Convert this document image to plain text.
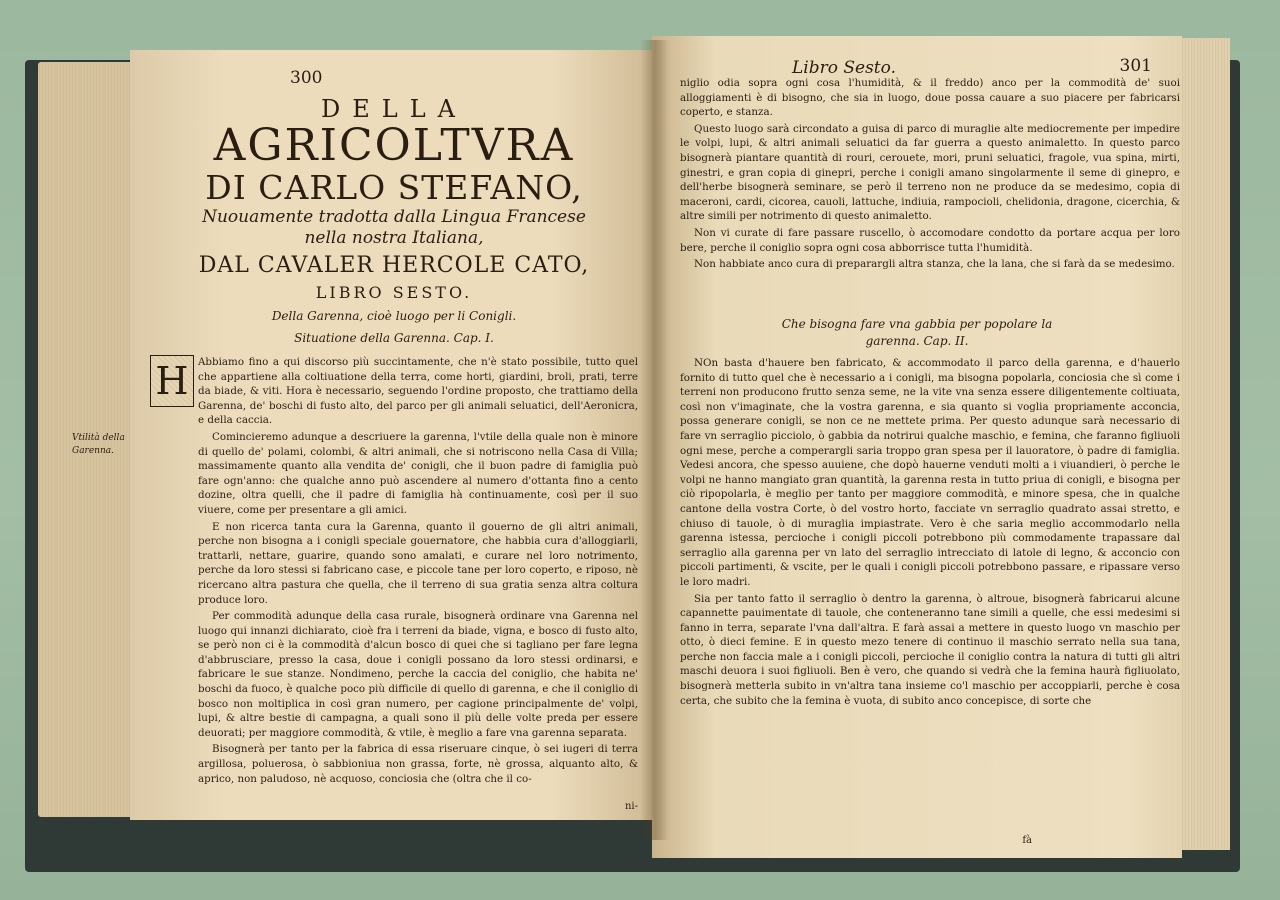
300
DELLA
AGRICOLTVRA
DI CARLO STEFANO,
Nuouamente tradotta dalla Lingua Francese
nella nostra Italiana,
DAL CAVALER HERCOLE CATO,
LIBRO SESTO.
Della Garenna, cioè luogo per li Conigli.
Situatione della Garenna. Cap. I.
H Abbiamo fino a qui discorso più succintamente, che n'è stato possibile, tutto quel che appartiene alla coltiuatione della terra, come horti, giardini, broli, prati, terre da biade, & viti. Hora è necessario, seguendo l'ordine proposto, che trattiamo della Garenna, de' boschi di fusto alto, del parco per gli animali seluatici, dell'Aeronicra, e della caccia.

Comincieremo adunque a descriuere la garenna, l'vtile della quale non è minore di quello de' polami, colombi, & altri animali, che si notriscono nella Casa di Villa; massimamente quanto alla vendita de' conigli, che il buon padre di famiglia può fare ogn'anno: che qualche anno può ascendere al numero d'ottanta fino a cento dozine, oltra quelli, che il padre di famiglia hà continuamente, così per il suo viuere, come per presentare a gli amici.

E non ricerca tanta cura la Garenna, quanto il gouerno de gli altri animali, perche non bisogna a i conigli speciale gouernatore, che habbia cura d'alloggiarli, trattarli, nettare, guarire, quando sono amalati, e curare nel loro notrimento, perche da loro stessi si fabricano case, e piccole tane per loro coperto, e riposo, nè ricercano altra pastura che quella, che il terreno di sua gratia senza altra coltura produce loro.

Per commodità adunque della casa rurale, bisognerà ordinare vna Garenna nel luogo qui innanzi dichiarato, cioè fra i terreni da biade, vigna, e bosco di fusto alto, se però non ci è la commodità d'alcun bosco di quei che si tagliano per fare legna d'abbrusciare, presso la casa, doue i conigli possano da loro stessi ordinarsi, e fabricare le sue stanze. Nondimeno, perche la caccia del coniglio, che habita ne' boschi da fuoco, è qualche poco più difficile di quello di garenna, e che il coniglio di bosco non moltiplica in così gran numero, per cagione principalmente de' volpi, lupi, & altre bestie di campagna, a quali sono il più delle volte preda per essere deuorati; per maggiore commodità, & vtile, è meglio a fare vna garenna separata.

Bisognerà per tanto per la fabrica di essa riseruare cinque, ò sei iugeri di terra argillosa, poluerosa, ò sabbioniua non grassa, forte, nè grossa, alquanto alto, & aprico, non paludoso, nè acquoso, conciosia che (oltra che il co-

ni-
Vtilità della Garenna.
Libro Sesto.	301

niglio odia sopra ogni cosa l'humidità, & il freddo) anco per la commodità de' suoi alloggiamenti è di bisogno, che sia in luogo, doue possa cauare a suo piacere per fabricarsi coperto, e stanza.

Questo luogo sarà circondato a guisa di parco di muraglie alte mediocremente per impedire le volpi, lupi, & altri animali seluatici da far guerra a questo animaletto. In questo parco bisognerà piantare quantità di rouri, cerouete, mori, pruni seluatici, fragole, vua spina, mirti, ginestri, e gran copia di ginepri, perche i conigli amano singolarmente il seme di ginepro, e dell'herbe bisognerà seminare, se però il terreno non ne produce da se medesimo, copia di maceroni, cardi, cicorea, cauoli, lattuche, indiuia, rampocioli, chelidonia, dragone, cicerchia, & altre simili per notrimento di questo animaletto.

Non vi curate di fare passare ruscello, ò accomodare condotto da portare acqua per loro bere, perche il coniglio sopra ogni cosa abborrisce tutta l'humidità.

Non habbiate anco cura di preparargli altra stanza, che la lana, che si farà da se medesimo.

Che bisogna fare vna gabbia per popolare la
garenna. Cap. II.

NOn basta d'hauere ben fabricato, & accommodato il parco della garenna, e d'hauerlo fornito di tutto quel che è necessario a i conigli, ma bisogna popolarla, conciosia che sì come i terreni non producono frutto senza seme, ne la vite vna senza essere diligentemente coltiuata, così non v'imaginate, che la vostra garenna, e sia quanto si voglia propriamente acconcia, possa generare conigli, se non ce ne mettete prima. Per questo adunque sarà necessario di fare vn serraglio picciolo, ò gabbia da notrirui qualche maschio, e femina, che faranno figliuoli ogni mese, perche a comperargli saria troppo gran spesa per il lauoratore, ò padre di famiglia. Vedesi ancora, che spesso auuiene, che dopò hauerne venduti molti a i viuandieri, ò perche le volpi ne hanno mangiato gran quantità, la garenna resta in tutto priua di conigli, e bisogna per ciò ripopolarla, è meglio per tanto per maggiore commodità, e minore spesa, che in qualche cantone della vostra Corte, ò del vostro horto, facciate vn serraglio quadrato assai stretto, e chiuso di tauole, ò di muraglia impiastrate. Vero è che saria meglio accommodarlo nella garenna istessa, percioche i conigli piccoli potrebbono più commodamente trapassare dal serraglio alla garenna per vn lato del serraglio intrecciato di latole di legno, & acconcio con piccoli partimenti, & vscite, per le quali i conigli piccoli potrebbono passare, e ripassare verso le loro madri.

Sia per tanto fatto il serraglio ò dentro la garenna, ò altroue, bisognerà fabricarui alcune capannette pauimentate di tauole, che conteneranno tane simili a quelle, che essi medesimi si fanno in terra, separate l'vna dall'altra. E farà assai a mettere in questo luogo vn maschio per otto, ò dieci femine. E in questo mezo tenere di continuo il maschio serrato nella sua tana, perche non faccia male a i conigli piccoli, percioche il coniglio contra la natura di tutti gli altri maschi deuora i suoi figliuoli. Ben è vero, che quando si vedrà che la femina haurà figliuolato, bisognerà metterla subito in vn'altra tana insieme co'l maschio per accoppiarli, perche è cosa certa, che subito che la femina è vuota, di subito anco concepisce, di sorte che

fà
